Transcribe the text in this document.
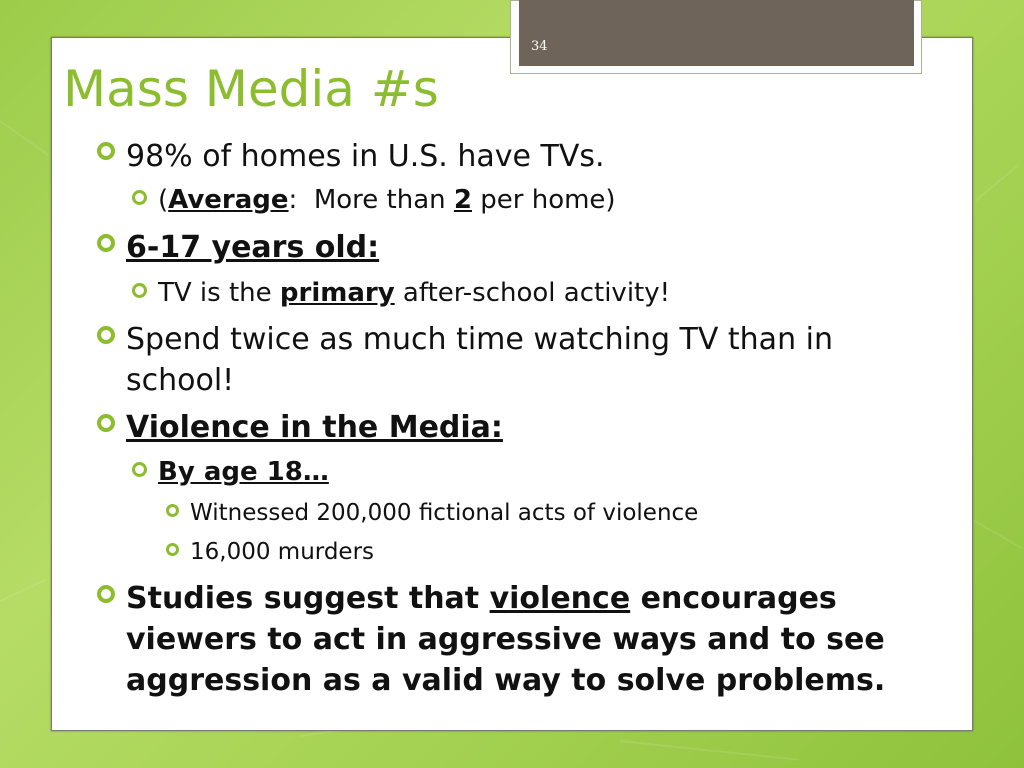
34
Mass Media #s
98% of homes in U.S. have TVs.
(Average:  More than 2 per home)
6-17 years old:
TV is the primary after-school activity!
Spend twice as much time watching TV than in
school!
Violence in the Media:
By age 18…
Witnessed 200,000 fictional acts of violence
16,000 murders
Studies suggest that violence encourages
viewers to act in aggressive ways and to see
aggression as a valid way to solve problems.
